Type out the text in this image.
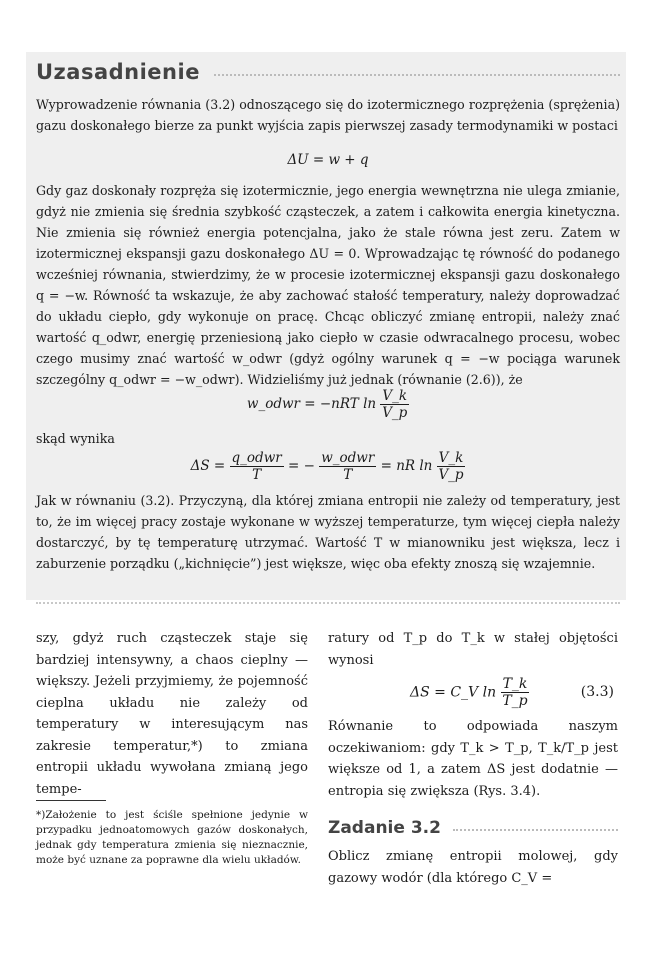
Uzasadnienie

Wyprowadzenie równania (3.2) odnoszącego się do izotermicznego rozprężenia (sprężenia) gazu doskonałego bierze za punkt wyjścia zapis pierwszej zasady termodynamiki w postaci

ΔU = w + q

Gdy gaz doskonały rozpręża się izotermicznie, jego energia wewnętrzna nie ulega zmianie, gdyż nie zmienia się średnia szybkość cząsteczek, a zatem i całkowita energia kinetyczna. Nie zmienia się również energia potencjalna, jako że stale równa jest zeru. Zatem w izotermicznej ekspansji gazu doskonałego ΔU = 0. Wprowadzając tę równość do podanego wcześniej równania, stwierdzimy, że w procesie izotermicznej ekspansji gazu doskonałego q = −w. Równość ta wskazuje, że aby zachować stałość temperatury, należy doprowadzać do układu ciepło, gdy wykonuje on pracę. Chcąc obliczyć zmianę entropii, należy znać wartość q_odwr, energię przeniesioną jako ciepło w czasie odwracalnego procesu, wobec czego musimy znać wartość w_odwr (gdyż ogólny warunek q = −w pociąga warunek szczególny q_odwr = −w_odwr). Widzieliśmy już jednak (równanie (2.6)), że

w_odwr = −nRT $\ln \frac{V\_k}{V\_p}$

skąd wynika

$\Delta S = \frac{\text{q\_odwr}}{T}$ = − $\frac{\text{w\_odwr}}{T}$ = nR $\ln \frac{V\_k}{V\_p}$

Jak w równaniu (3.2). Przyczyną, dla której zmiana entropii nie zależy od temperatury, jest to, że im więcej pracy zostaje wykonane w wyższej temperaturze, tym więcej ciepła należy dostarczyć, by tę temperaturę utrzymać. Wartość T w mianowniku jest większa, lecz i zaburzenie porządku („kichnięcie”) jest większe, więc oba efekty znoszą się wzajemnie.

szy, gdyż ruch cząsteczek staje się bardziej intensywny, a chaos cieplny — większy. Jeżeli przyjmiemy, że pojemność cieplna układu nie zależy od temperatury w interesującym nas zakresie temperatur,*) to zmiana entropii układu wywołana zmianą jego tempe-

*)Założenie to jest ściśle spełnione jedynie w przypadku jednoatomowych gazów doskonałych, jednak gdy temperatura zmienia się nieznacznie, może być uznane za poprawne dla wielu układów.

ratury od T_p do T_k w stałej objętości wynosi

ΔS = C_V $\ln \frac{T\_k}{T\_p}$	(3.3)

Równanie to odpowiada naszym oczekiwaniom: gdy T_k > T_p, T_k/T_p jest większe od 1, a zatem ΔS jest dodatnie — entropia się zwiększa (Rys. 3.4).

Zadanie 3.2

Oblicz zmianę entropii molowej, gdy gazowy wodór (dla którego C_V =
